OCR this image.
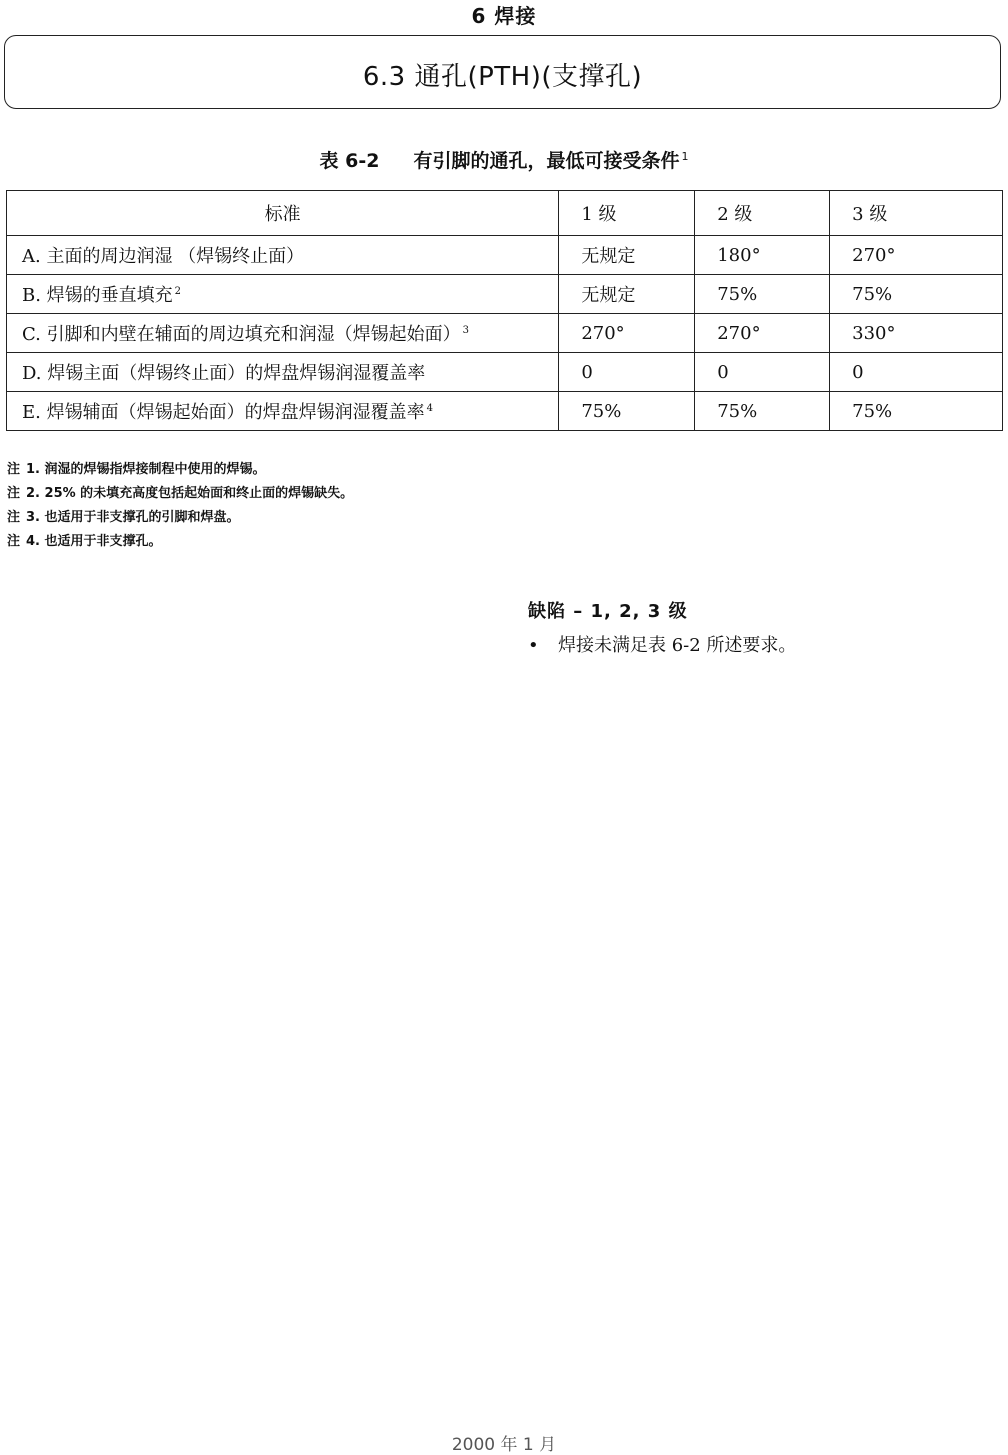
6 焊接
6.3 通孔(PTH)(支撑孔)
表 6-2 有引脚的通孔，最低可接受条件 $^1$
标准	1 级	2 级	3 级
A. 主面的周边润湿 （焊锡终止面）	无规定	180°	270°
B. 焊锡的垂直填充 $^2$	无规定	75%	75%
C. 引脚和内壁在辅面的周边填充和润湿（焊锡起始面） $^3$	270°	270°	330°
D. 焊锡主面（焊锡终止面）的焊盘焊锡润湿覆盖率	0	0	0
E. 焊锡辅面（焊锡起始面）的焊盘焊锡润湿覆盖率 $^4$	75%	75%	75%
注 1. 润湿的焊锡指焊接制程中使用的焊锡。
注 2. 25% 的未填充高度包括起始面和终止面的焊锡缺失。
注 3. 也适用于非支撑孔的引脚和焊盘。
注 4. 也适用于非支撑孔。
缺陷 – 1, 2, 3 级
• 焊接未满足表 6-2 所述要求。
2000 年 1 月
